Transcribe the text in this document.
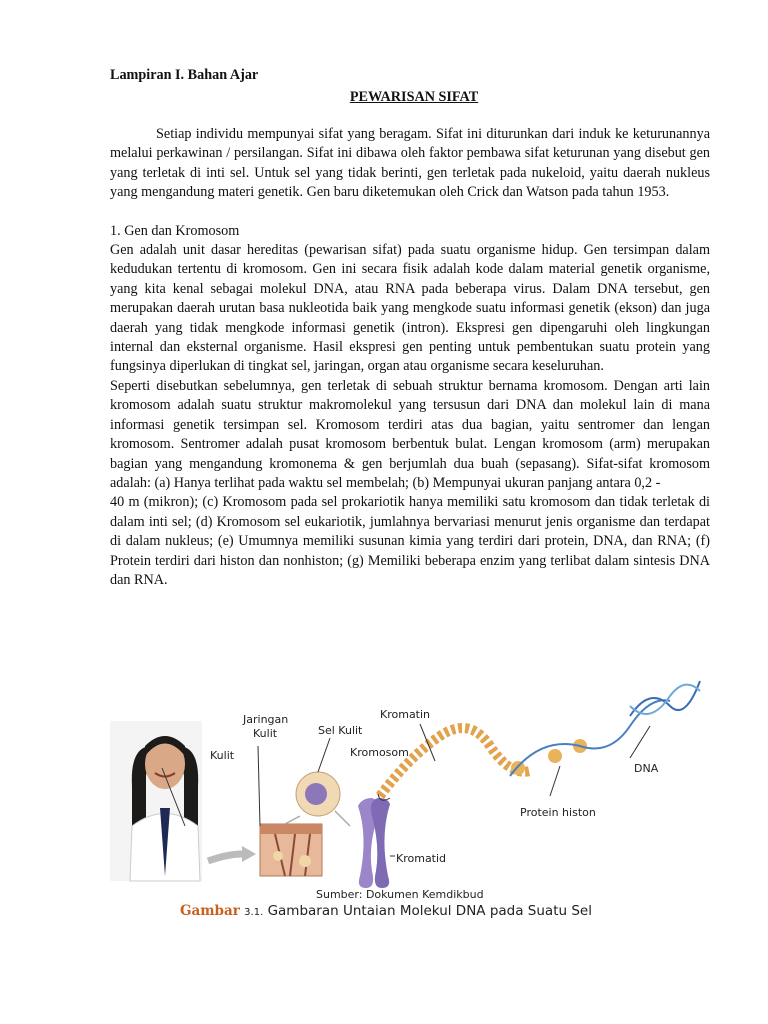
Lampiran I. Bahan Ajar
PEWARISAN SIFAT

Setiap individu mempunyai sifat yang beragam. Sifat ini diturunkan dari induk ke keturunannya melalui perkawinan / persilangan. Sifat ini dibawa oleh faktor pembawa sifat keturunan yang disebut gen yang terletak di inti sel. Untuk sel yang tidak berinti, gen terletak pada nukeloid, yaitu daerah nukleus yang mengandung materi genetik. Gen baru diketemukan oleh Crick dan Watson pada tahun 1953.

1. Gen dan Kromosom

Gen adalah unit dasar hereditas (pewarisan sifat) pada suatu organisme hidup. Gen tersimpan dalam kedudukan tertentu di kromosom. Gen ini secara fisik adalah kode dalam material genetik organisme, yang kita kenal sebagai molekul DNA, atau RNA pada beberapa virus. Dalam DNA tersebut, gen merupakan daerah urutan basa nukleotida baik yang mengkode suatu informasi genetik (ekson) dan juga daerah yang tidak mengkode informasi genetik (intron). Ekspresi gen dipengaruhi oleh lingkungan internal dan eksternal organisme. Hasil ekspresi gen penting untuk pembentukan suatu protein yang fungsinya diperlukan di tingkat sel, jaringan, organ atau organisme secara keseluruhan.

Seperti disebutkan sebelumnya, gen terletak di sebuah struktur bernama kromosom. Dengan arti lain kromosom adalah suatu struktur makromolekul yang tersusun dari DNA dan molekul lain di mana informasi genetik tersimpan sel. Kromosom terdiri atas dua bagian, yaitu sentromer dan lengan kromosom. Sentromer adalah pusat kromosom berbentuk bulat. Lengan kromosom (arm) merupakan bagian yang mengandung kromonema & gen berjumlah dua buah (sepasang). Sifat-sifat kromosom adalah: (a) Hanya terlihat pada waktu sel membelah; (b) Mempunyai ukuran panjang antara 0,2 -

40 m (mikron); (c) Kromosom pada sel prokariotik hanya memiliki satu kromosom dan tidak terletak di dalam inti sel; (d) Kromosom sel eukariotik, jumlahnya bervariasi menurut jenis organisme dan terdapat di dalam nukleus; (e) Umumnya memiliki susunan kimia yang terdiri dari protein, DNA, dan RNA; (f) Protein terdiri dari histon dan nonhiston; (g) Memiliki beberapa enzim yang terlibat dalam sintesis DNA dan RNA.

Jaringan
Kulit
Kulit
Sel Kulit
Kromatin
Kromosom
Kromatid
DNA
Protein histon
Sumber: Dokumen Kemdikbud
Gambar 3.1. Gambaran Untaian Molekul DNA pada Suatu Sel
